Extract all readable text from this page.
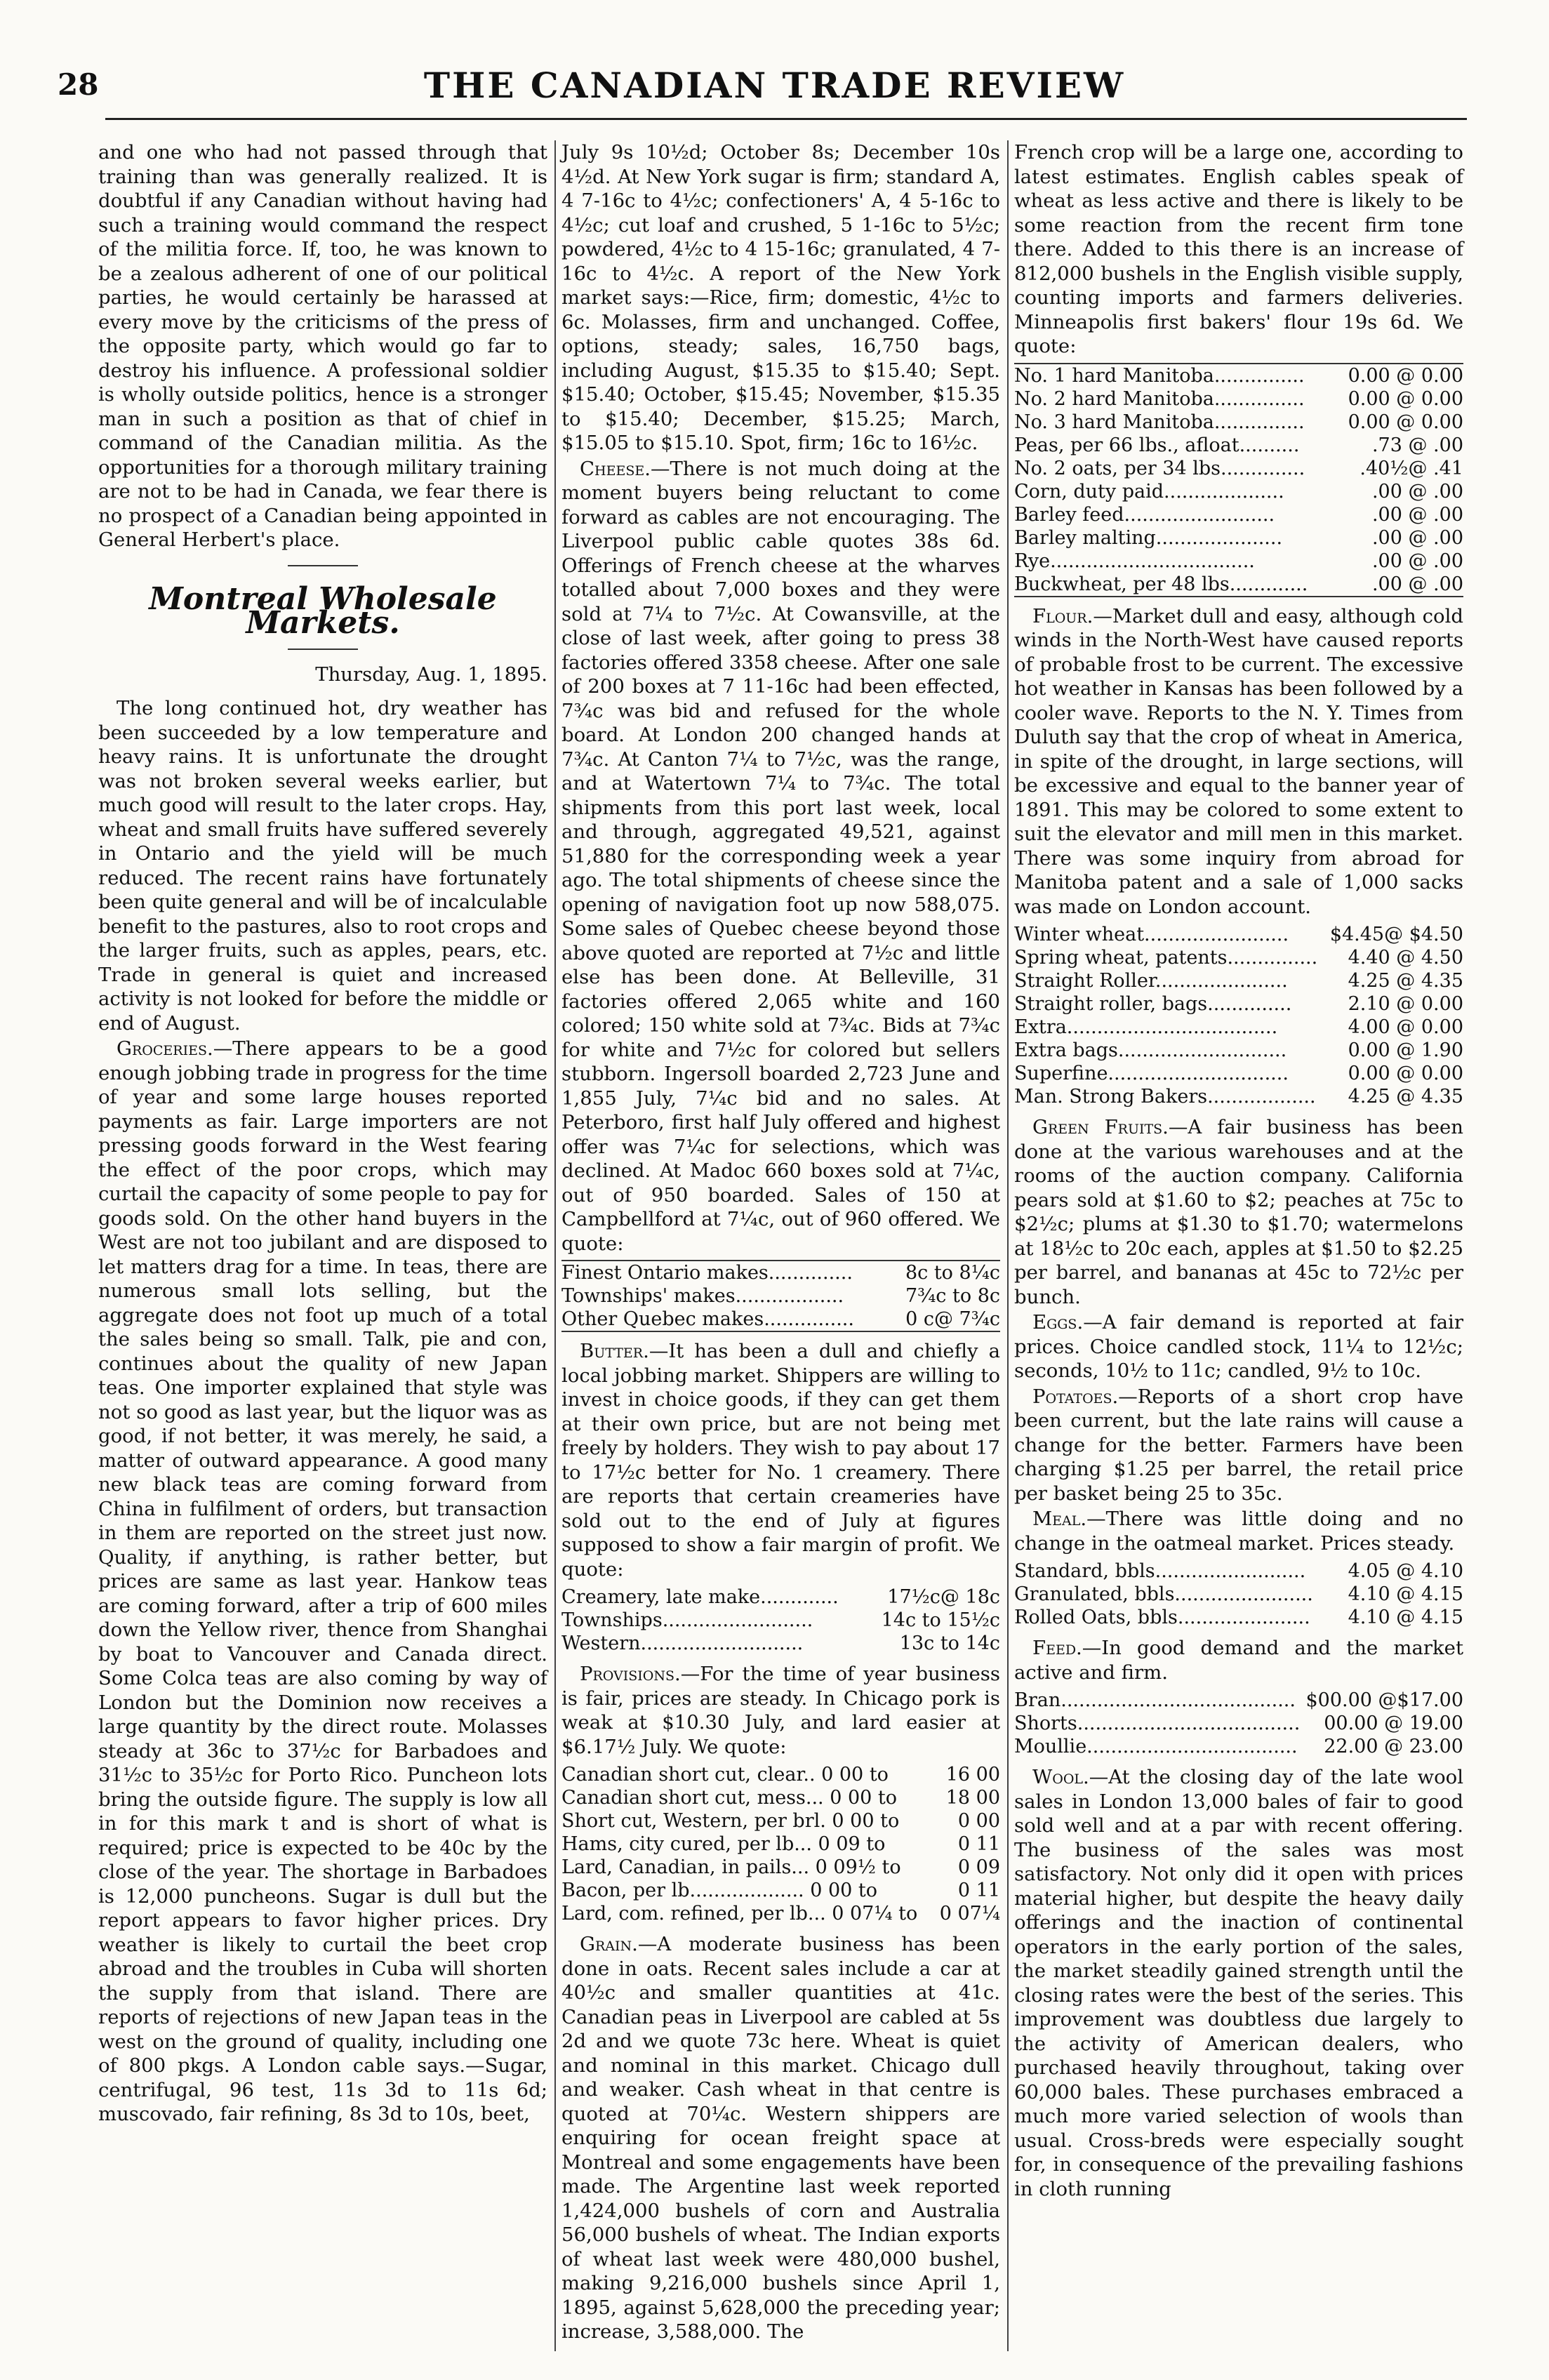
28	THE CANADIAN TRADE REVIEW

and one who had not passed through that training than was generally realized. It is doubtful if any Canadian without having had such a training would command the respect of the militia force. If, too, he was known to be a zealous adherent of one of our political parties, he would certainly be harassed at every move by the criticisms of the press of the opposite party, which would go far to destroy his influence. A professional soldier is wholly outside politics, hence is a stronger man in such a position as that of chief in command of the Canadian militia. As the opportunities for a thorough military training are not to be had in Canada, we fear there is no prospect of a Canadian being appointed in General Herbert's place.

Montreal Wholesale Markets.
Thursday, Aug. 1, 1895.

The long continued hot, dry weather has been succeeded by a low temperature and heavy rains. It is unfortunate the drought was not broken several weeks earlier, but much good will result to the later crops. Hay, wheat and small fruits have suffered severely in Ontario and the yield will be much reduced. The recent rains have fortunately been quite general and will be of incalculable benefit to the pastures, also to root crops and the larger fruits, such as apples, pears, etc. Trade in general is quiet and increased activity is not looked for before the middle or end of August.

Groceries.—There appears to be a good enough jobbing trade in progress for the time of year and some large houses reported payments as fair. Large importers are not pressing goods forward in the West fearing the effect of the poor crops, which may curtail the capacity of some people to pay for goods sold. On the other hand buyers in the West are not too jubilant and are disposed to let matters drag for a time. In teas, there are numerous small lots selling, but the aggregate does not foot up much of a total the sales being so small. Talk, pie and con, continues about the quality of new Japan teas. One importer explained that style was not so good as last year, but the liquor was as good, if not better, it was merely, he said, a matter of outward appearance. A good many new black teas are coming forward from China in fulfilment of orders, but transaction in them are reported on the street just now. Quality, if anything, is rather better, but prices are same as last year. Hankow teas are coming forward, after a trip of 600 miles down the Yellow river, thence from Shanghai by boat to Vancouver and Canada direct. Some Colca teas are also coming by way of London but the Dominion now receives a large quantity by the direct route. Molasses steady at 36c to 37½c for Barbadoes and 31½c to 35½c for Porto Rico. Puncheon lots bring the outside figure. The supply is low all in for this mark t and is short of what is required; price is expected to be 40c by the close of the year. The shortage in Barbadoes is 12,000 puncheons. Sugar is dull but the report appears to favor higher prices. Dry weather is likely to curtail the beet crop abroad and the troubles in Cuba will shorten the supply from that island. There are reports of rejections of new Japan teas in the west on the ground of quality, including one of 800 pkgs. A London cable says.—Sugar, centrifugal, 96 test, 11s 3d to 11s 6d; muscovado, fair refining, 8s 3d to 10s, beet,

July 9s 10½d; October 8s; December 10s 4½d. At New York sugar is firm; standard A, 4 7-16c to 4½c; confectioners' A, 4 5-16c to 4½c; cut loaf and crushed, 5 1-16c to 5½c; powdered, 4½c to 4 15-16c; granulated, 4 7-16c to 4½c. A report of the New York market says:—Rice, firm; domestic, 4½c to 6c. Molasses, firm and unchanged. Coffee, options, steady; sales, 16,750 bags, including August, $15.35 to $15.40; Sept. $15.40; October, $15.45; November, $15.35 to $15.40; December, $15.25; March, $15.05 to $15.10. Spot, firm; 16c to 16½c.

Cheese.—There is not much doing at the moment buyers being reluctant to come forward as cables are not encouraging. The Liverpool public cable quotes 38s 6d. Offerings of French cheese at the wharves totalled about 7,000 boxes and they were sold at 7¼ to 7½c. At Cowansville, at the close of last week, after going to press 38 factories offered 3358 cheese. After one sale of 200 boxes at 7 11-16c had been effected, 7¾c was bid and refused for the whole board. At London 200 changed hands at 7¾c. At Canton 7¼ to 7½c, was the range, and at Watertown 7¼ to 7¾c. The total shipments from this port last week, local and through, aggregated 49,521, against 51,880 for the corresponding week a year ago. The total shipments of cheese since the opening of navigation foot up now 588,075. Some sales of Quebec cheese beyond those above quoted are reported at 7½c and little else has been done. At Belleville, 31 factories offered 2,065 white and 160 colored; 150 white sold at 7¾c. Bids at 7¾c for white and 7½c for colored but sellers stubborn. Ingersoll boarded 2,723 June and 1,855 July, 7¼c bid and no sales. At Peterboro, first half July offered and highest offer was 7¼c for selections, which was declined. At Madoc 660 boxes sold at 7¼c, out of 950 boarded. Sales of 150 at Campbellford at 7¼c, out of 960 offered. We quote:

Finest Ontario makes..............	8c to 8¼c
Townships' makes..................	7¾c to 8c
Other Quebec makes...............	0 c@ 7¾c

Butter.—It has been a dull and chiefly a local jobbing market. Shippers are willing to invest in choice goods, if they can get them at their own price, but are not being met freely by holders. They wish to pay about 17 to 17½c better for No. 1 creamery. There are reports that certain creameries have sold out to the end of July at figures supposed to show a fair margin of profit. We quote:

Creamery, late make.............	17½c@ 18c
Townships.........................	14c to 15½c
Western...........................	13c to 14c

Provisions.—For the time of year business is fair, prices are steady. In Chicago pork is weak at $10.30 July, and lard easier at $6.17½ July. We quote:

Canadian short cut, clear.. 0 00 to	16 00
Canadian short cut, mess... 0 00 to	18 00
Short cut, Western, per brl. 0 00 to	0 00
Hams, city cured, per lb... 0 09 to	0 11
Lard, Canadian, in pails... 0 09½ to	0 09
Bacon, per lb................... 0 00 to	0 11
Lard, com. refined, per lb... 0 07¼ to	0 07¼

Grain.—A moderate business has been done in oats. Recent sales include a car at 40½c and smaller quantities at 41c. Canadian peas in Liverpool are cabled at 5s 2d and we quote 73c here. Wheat is quiet and nominal in this market. Chicago dull and weaker. Cash wheat in that centre is quoted at 70¼c. Western shippers are enquiring for ocean freight space at Montreal and some engagements have been made. The Argentine last week reported 1,424,000 bushels of corn and Australia 56,000 bushels of wheat. The Indian exports of wheat last week were 480,000 bushel, making 9,216,000 bushels since April 1, 1895, against 5,628,000 the preceding year; increase, 3,588,000. The

French crop will be a large one, according to latest estimates. English cables speak of wheat as less active and there is likely to be some reaction from the recent firm tone there. Added to this there is an increase of 812,000 bushels in the English visible supply, counting imports and farmers deliveries. Minneapolis first bakers' flour 19s 6d. We quote:

No. 1 hard Manitoba...............	0.00 @ 0.00
No. 2 hard Manitoba...............	0.00 @ 0.00
No. 3 hard Manitoba...............	0.00 @ 0.00
Peas, per 66 lbs., afloat..........	.73 @ .00
No. 2 oats, per 34 lbs..............	.40½@ .41
Corn, duty paid....................	.00 @ .00
Barley feed.........................	.00 @ .00
Barley malting.....................	.00 @ .00
Rye..................................	.00 @ .00
Buckwheat, per 48 lbs.............	.00 @ .00

Flour.—Market dull and easy, although cold winds in the North-West have caused reports of probable frost to be current. The excessive hot weather in Kansas has been followed by a cooler wave. Reports to the N. Y. Times from Duluth say that the crop of wheat in America, in spite of the drought, in large sections, will be excessive and equal to the banner year of 1891. This may be colored to some extent to suit the elevator and mill men in this market. There was some inquiry from abroad for Manitoba patent and a sale of 1,000 sacks was made on London account.

Winter wheat........................	$4.45@ $4.50
Spring wheat, patents...............	4.40 @ 4.50
Straight Roller......................	4.25 @ 4.35
Straight roller, bags..............	2.10 @ 0.00
Extra...................................	4.00 @ 0.00
Extra bags............................	0.00 @ 1.90
Superfine..............................	0.00 @ 0.00
Man. Strong Bakers..................	4.25 @ 4.35

Green Fruits.—A fair business has been done at the various warehouses and at the rooms of the auction company. California pears sold at $1.60 to $2; peaches at 75c to $2½c; plums at $1.30 to $1.70; watermelons at 18½c to 20c each, apples at $1.50 to $2.25 per barrel, and bananas at 45c to 72½c per bunch.

Eggs.—A fair demand is reported at fair prices. Choice candled stock, 11¼ to 12½c; seconds, 10½ to 11c; candled, 9½ to 10c.

Potatoes.—Reports of a short crop have been current, but the late rains will cause a change for the better. Farmers have been charging $1.25 per barrel, the retail price per basket being 25 to 35c.

Meal.—There was little doing and no change in the oatmeal market. Prices steady.

Standard, bbls.........................	4.05 @ 4.10
Granulated, bbls.......................	4.10 @ 4.15
Rolled Oats, bbls......................	4.10 @ 4.15

Feed.—In good demand and the market active and firm.

Bran.......................................	$00.00 @$17.00
Shorts.....................................	00.00 @ 19.00
Moullie...................................	22.00 @ 23.00

Wool.—At the closing day of the late wool sales in London 13,000 bales of fair to good sold well and at a par with recent offering. The business of the sales was most satisfactory. Not only did it open with prices material higher, but despite the heavy daily offerings and the inaction of continental operators in the early portion of the sales, the market steadily gained strength until the closing rates were the best of the series. This improvement was doubtless due largely to the activity of American dealers, who purchased heavily throughout, taking over 60,000 bales. These purchases embraced a much more varied selection of wools than usual. Cross-breds were especially sought for, in consequence of the prevailing fashions in cloth running
